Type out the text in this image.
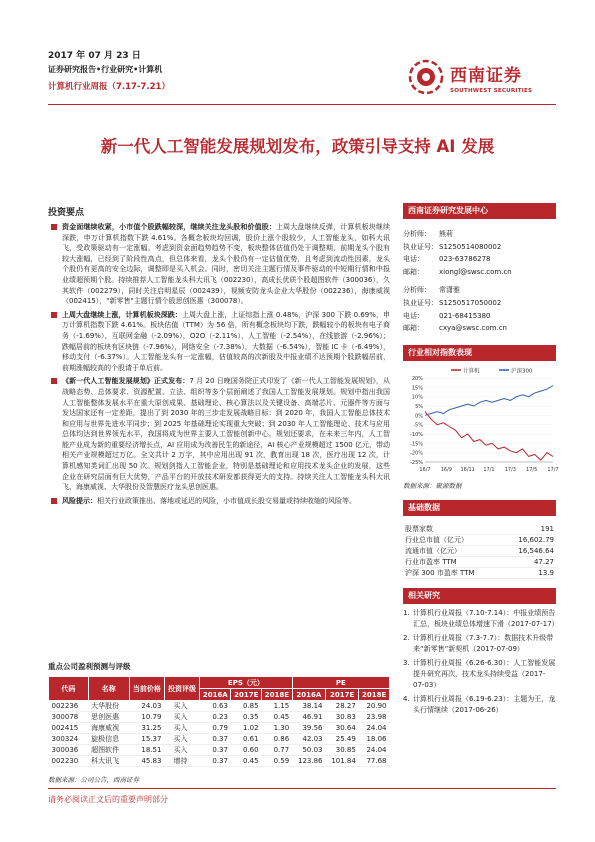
2017 年 07 月 23 日
证券研究报告•行业研究•计算机
计算机行业周报（7.17-7.21）
西南证券
SOUTHWEST SECURITIES
新一代人工智能发展规划发布，政策引导支持 AI 发展
投资要点
资金面继续收紧，小市值个股跌幅较深，继续关注龙头股和价值股：上周大盘继续反弹，计算机板块继续深跌，申万计算机指数下跌 4.61%。各概念板块均回调，股价上涨个股较少，人工智能龙头，如科大讯飞，受政策驱动有一定涨幅。考虑到资金面趋势趋势不变，板块整体估值仍处于调整期，前期龙头个股有较大涨幅，已经到了阶段性高点，但总体来看，龙头个股仍有一定估值优势，且考虑到流动性因素，龙头个股仍有更高的安全边际，调整即是买入机会。同时，密切关注主题行情及事件驱动的中短期行情和中报业绩超预期个股。持续推荐人工智能龙头科大讯飞（002230），高成长优质个股超图软件（300036），久其软件（002279），同时关注启明星辰（002439），视频安防龙头企业大华股份（002236），海康威视（002415），"新零售"主题行情个股思创医惠（300078）。
上周大盘继续上涨，计算机板块深跌：上周大盘上涨，上证综指上涨 0.48%，沪深 300 下跌 0.69%，申万计算机指数下跌 4.61%。板块估值（TTM）为 56 倍，所有概念板块均下跌，跌幅较小的板块有电子商务（-1.69%），互联网金融（-2.09%），O2O（-2.11%），人工智能（-2.54%），在线旅游（-2.96%）；跌幅居前的板块有区块链（-7.96%），网络安全（-7.38%），大数据（-6.54%），智能 IC 卡（-6.49%），移动支付（-6.37%）。人工智能龙头有一定涨幅，估值较高的次新股及中报业绩不达预期个股跌幅居前，前期涨幅较高的个股请于单后前。
《新一代人工智能发展规划》正式发布：7 月 20 日晚国务院正式印发了《新一代人工智能发展规划》，从战略态势、总体要求、资源配置、立法、组织等多个层面阐述了我国人工智能发展规划。规划中指出我国人工智能整体发展水平在重大原创成果、基础理论、核心算法以及关键设备、高端芯片、元器件等方面与发达国家还有一定差距，提出了到 2030 年的三步走发展战略目标：到 2020 年，我国人工智能总体技术和应用与世界先进水平同步；到 2025 年基础理论实现重大突破；到 2030 年人工智能理论、技术与应用总体均达到世界领先水平，我国将成为世界主要人工智能创新中心。规划还要求，在未来三年内，人工智能产业成为新的重要经济增长点，AI 应用成为改善民生的新途径，AI 核心产业规模超过 1500 亿元，带动相关产业规模超过万亿。全文共计 2 万字，其中应用出现 91 次，教育出现 18 次，医疗出现 12 次，计算机感知类词汇出现 50 次。规划剑指人工智能企业，特别是基础理论和应用技术龙头企业的发展，这些企业在研究层面有巨大优势，产品平台的开放技术研发都获得更大的支持。持续关注人工智能龙头科大讯飞、海康威视、大华股份及智慧医疗龙头思创医惠。
风险提示：相关行业政策推出、落地或延迟的风险，小市值成长股交易量或持续收缩的风险等。
重点公司盈利预测与评级
代码	名称	当前价格	投资评级	EPS（元）			PE		
				2016A	2017E	2018E	2016A	2017E	2018E
002236	大华股份	24.03	买入	0.63	0.85	1.15	38.14	28.27	20.90
300078	思创医惠	10.79	买入	0.23	0.35	0.45	46.91	30.83	23.98
002415	海康威视	31.25	买入	0.79	1.02	1.30	39.56	30.64	24.04
300324	旋极信息	15.37	买入	0.37	0.61	0.86	42.03	25.49	18.06
300036	超图软件	18.51	买入	0.37	0.60	0.77	50.03	30.85	24.04
002230	科大讯飞	45.83	增持	0.37	0.45	0.59	123.86	101.84	77.68
数据来源：公司公告，西南证券
请务必阅读正文后的重要声明部分
西南证券研究发展中心
分析师：	熊莉
执业证号： S1250514080002
电话：	023-63786278
邮箱：	xiongl@swsc.com.cn
分析师：	常潇雅
执业证号： S1250517050002
电话：	021-68415380
邮箱：	cxya@swsc.com.cn
行业相对指数表现
计算机	沪深300
20%
15%
10%
5%
0%
-5%
-10%
-15%
-20%
-25%
16/7 16/9 16/11 17/1 17/3 17/5 17/7
数据来源：聚源数据
基础数据
股票家数	191
行业总市值（亿元）	16,602.79
流通市值（亿元）	16,546.64
行业市盈率 TTM	47.27
沪深 300 市盈率 TTM	13.9
相关研究
1. 计算机行业周报（7.10-7.14）：中报业绩预告汇总，板块业绩总体增速下滑（2017-07-17）
2. 计算机行业周报（7.3-7.7）：数据技术升级带来“新零售”新契机（2017-07-09）
3. 计算机行业周报（6.26-6.30）：人工智能发展提升研究再次，技术龙头持续受益（2017-07-03）
4. 计算机行业周报（6.19-6.23）：主题为王，龙头行情继续（2017-06-26）
